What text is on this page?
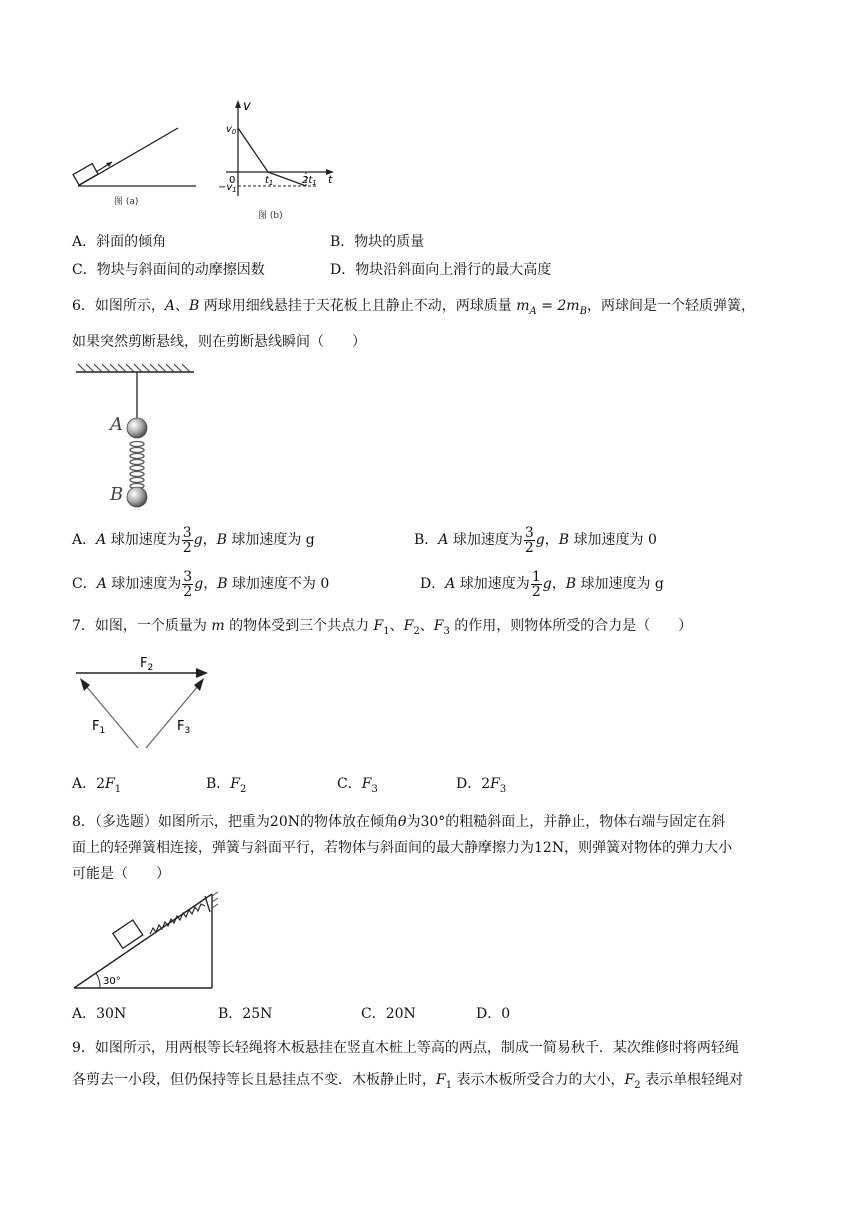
图 (a)
v
$v_0$
0	$t_1$	$2t_1$ t
$-v_1$
图 (b)
A．斜面的倾角	B．物块的质量
C．物块与斜面间的动摩擦因数	D．物块沿斜面向上滑行的最大高度
6．如图所示，A、B 两球用细线悬挂于天花板上且静止不动，两球质量 $m_A = 2m_B$，两球间是一个轻质弹簧，
如果突然剪断悬线，则在剪断悬线瞬间（　　）
A
B
A．A 球加速度为 $\frac{3}{2}$ g，B 球加速度为 g	B．A 球加速度为 $\frac{3}{2}$ g，B 球加速度为 0
C．A 球加速度为 $\frac{3}{2}$ g，B 球加速度不为 0	D．A 球加速度为 $\frac{1}{2}$ g，B 球加速度为 g
7．如图，一个质量为 m 的物体受到三个共点力 $F_1$、$F_2$、$F_3$ 的作用，则物体所受的合力是（　　）
$F_2$
$F_1$	$F_3$
A．$2F_1$	B．$F_2$	C．$F_3$	D．$2F_3$
8．（多选题）如图所示，把重为20N的物体放在倾角θ为30°的粗糙斜面上，并静止，物体右端与固定在斜
面上的轻弹簧相连接，弹簧与斜面平行，若物体与斜面间的最大静摩擦力为12N，则弹簧对物体的弹力大小
可能是（　　）
30°
A．30N	B．25N	C．20N	D．0
9．如图所示，用两根等长轻绳将木板悬挂在竖直木桩上等高的两点，制成一简易秋千．某次维修时将两轻绳
各剪去一小段，但仍保持等长且悬挂点不变．木板静止时，$F_1$ 表示木板所受合力的大小，$F_2$ 表示单根轻绳对
